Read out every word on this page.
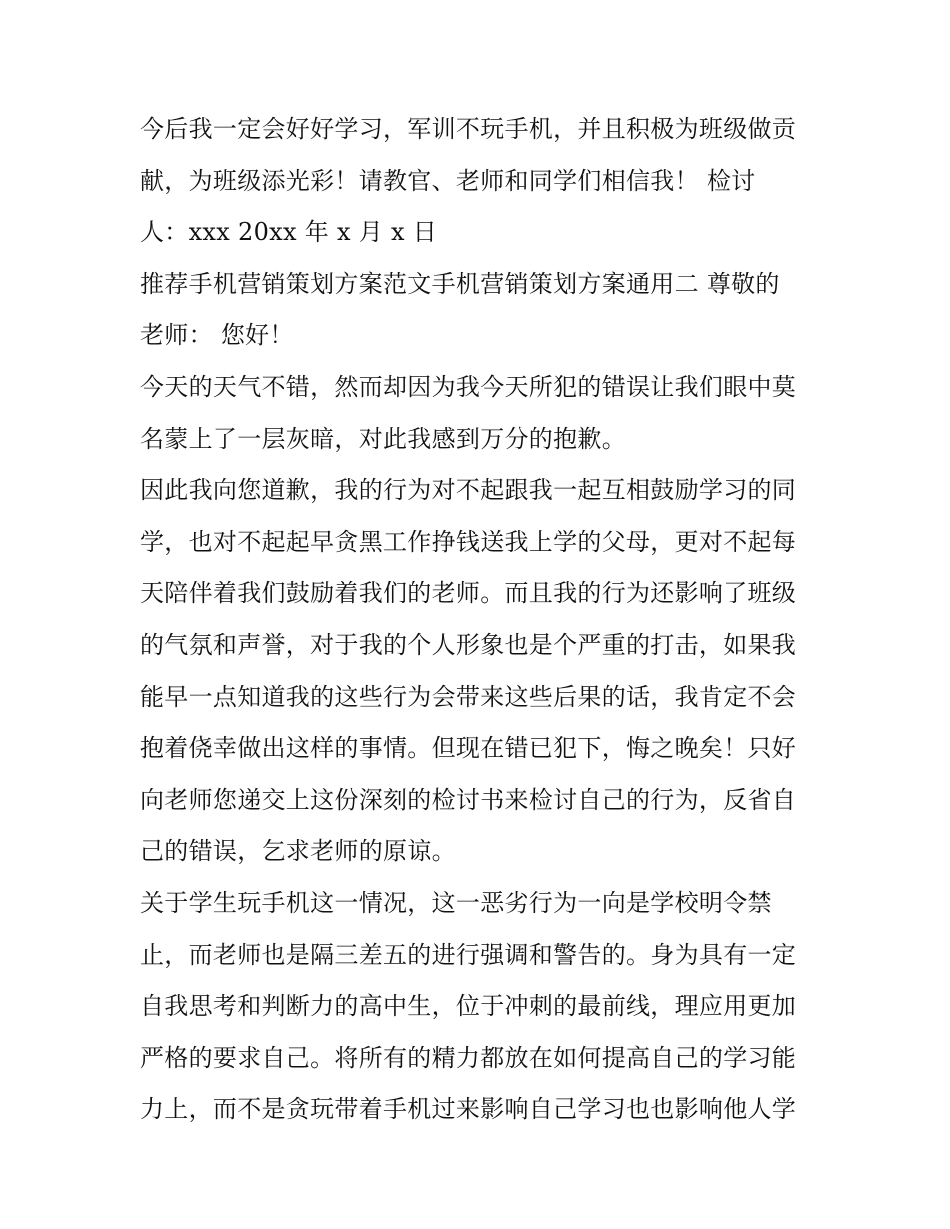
今后我一定会好好学习，军训不玩手机，并且积极为班级做贡
献，为班级添光彩！请教官、老师和同学们相信我！ 检讨
人：xxx 20xx 年 x 月 x 日
推荐手机营销策划方案范文手机营销策划方案通用二 尊敬的
老师： 您好！
今天的天气不错，然而却因为我今天所犯的错误让我们眼中莫
名蒙上了一层灰暗，对此我感到万分的抱歉。
因此我向您道歉，我的行为对不起跟我一起互相鼓励学习的同
学，也对不起起早贪黑工作挣钱送我上学的父母，更对不起每
天陪伴着我们鼓励着我们的老师。而且我的行为还影响了班级
的气氛和声誉，对于我的个人形象也是个严重的打击，如果我
能早一点知道我的这些行为会带来这些后果的话，我肯定不会
抱着侥幸做出这样的事情。但现在错已犯下，悔之晚矣！只好
向老师您递交上这份深刻的检讨书来检讨自己的行为，反省自
己的错误，乞求老师的原谅。
关于学生玩手机这一情况，这一恶劣行为一向是学校明令禁
止，而老师也是隔三差五的进行强调和警告的。身为具有一定
自我思考和判断力的高中生，位于冲刺的最前线，理应用更加
严格的要求自己。将所有的精力都放在如何提高自己的学习能
力上，而不是贪玩带着手机过来影响自己学习也也影响他人学
